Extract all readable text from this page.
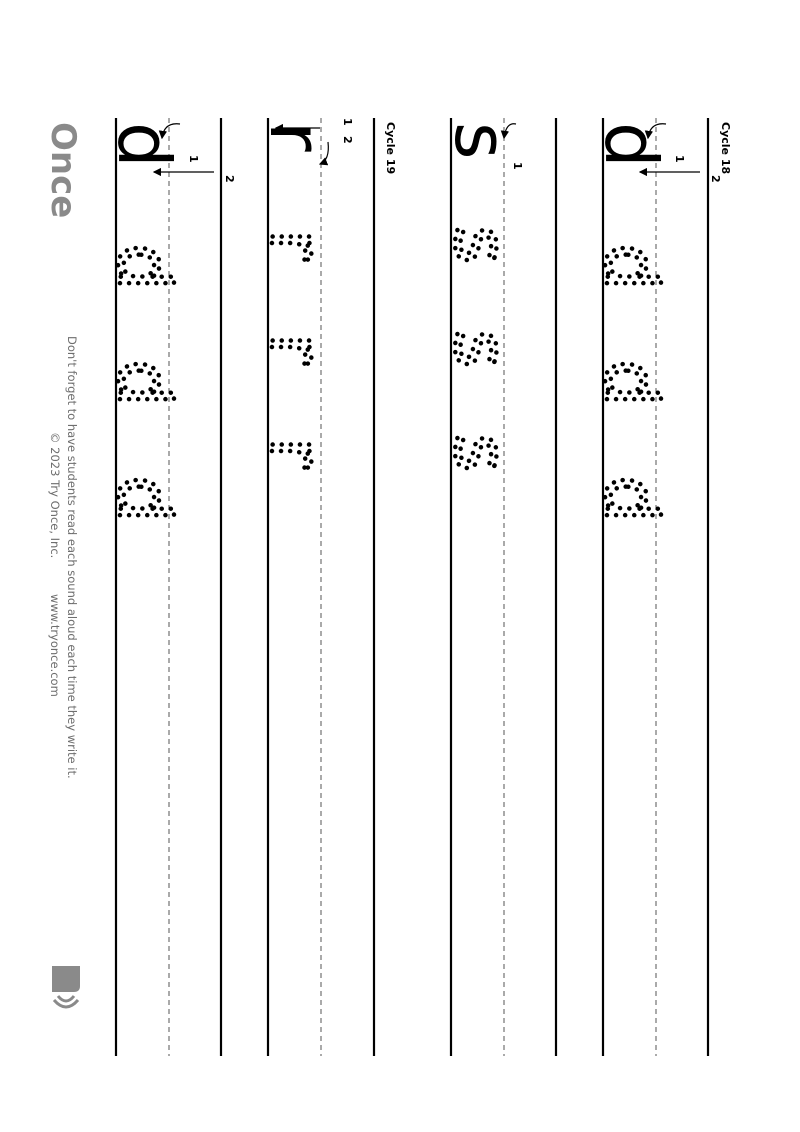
Cycle 18
Cycle 19	d 1
2
s
1
r
1
2
d 1
2
d
d
d
s
s
s
r
r
r
d
d
d
Once
Don't forget to have students read each sound aloud each time they write it.
© 2023 Try Once, Inc.
www.tryonce.com
